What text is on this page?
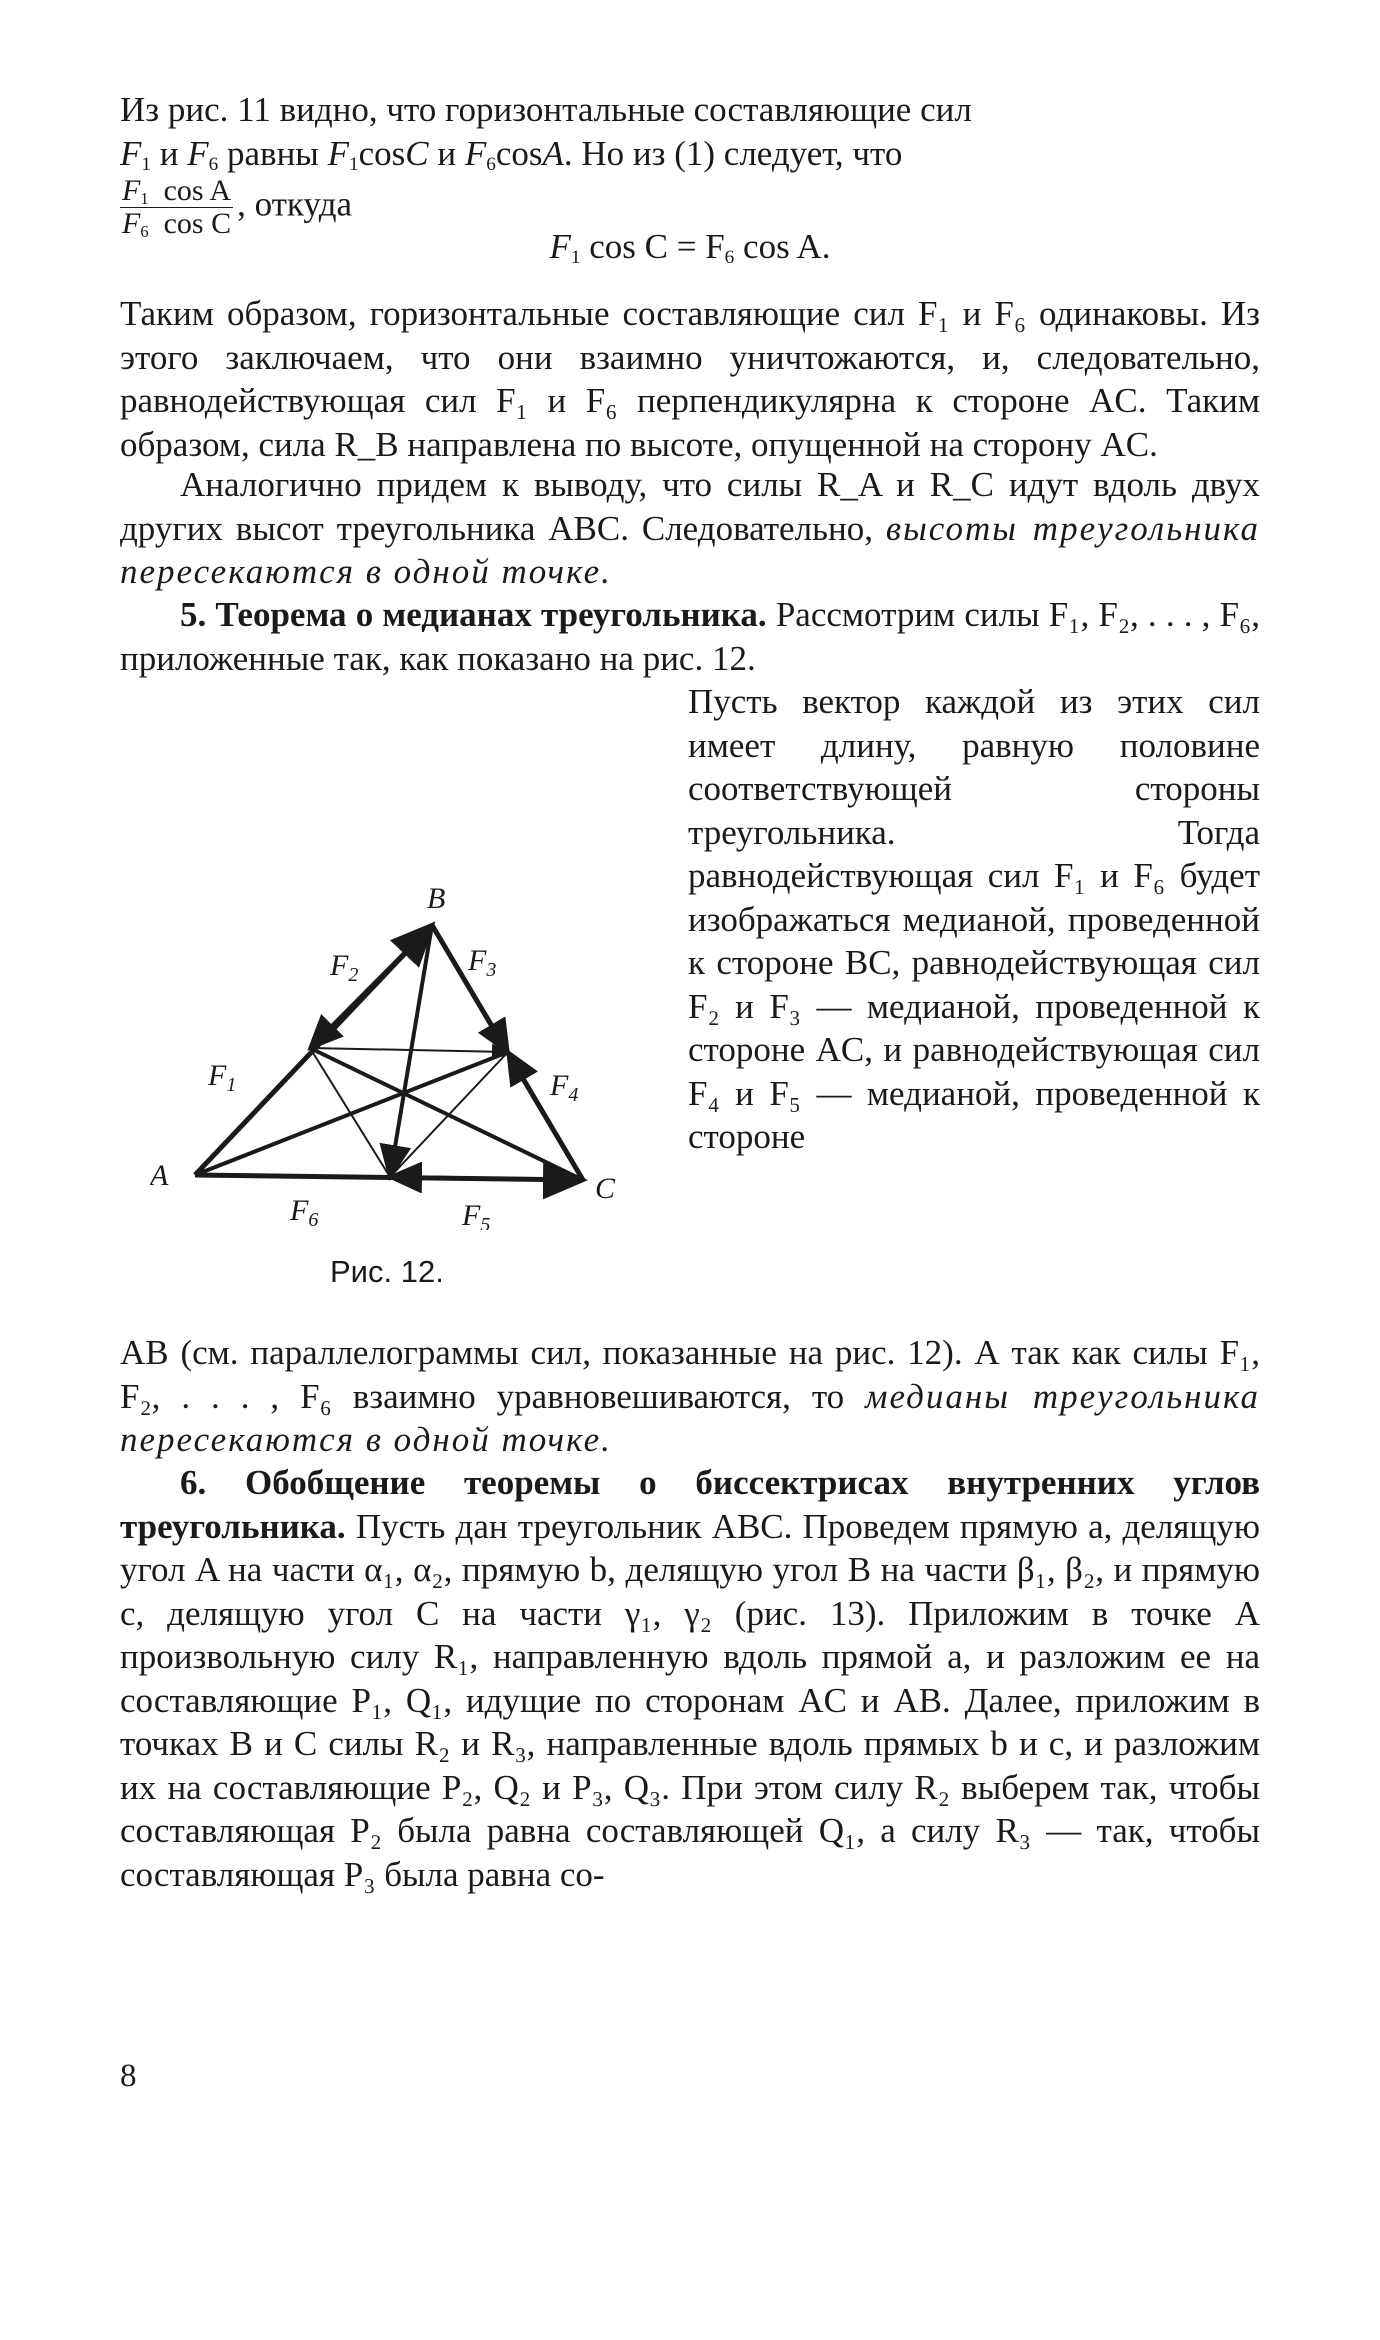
Из рис. 11 видно, что горизонтальные составляющие сил
$F_1$ и $F_6$ равны $F_1\cos C$ и $F_6\cos A$. Но из (1) следует, что

$\frac{F_1 \cos A}{F_6 \cos C}$ , откуда

$F_1$ $\cos C = F_6$ cos A.

Таким образом, горизонтальные составляющие сил F₁ и F₆ одинаковы. Из этого заключаем, что они взаимно уничтожаются, и, следовательно, равнодействующая сил F₁ и F₆ перпендикулярна к стороне AC. Таким образом, сила R_B направлена по высоте, опущенной на сторону AC.

Аналогично придем к выводу, что силы R_A и R_C идут вдоль двух других высот треугольника ABC. Следовательно, высоты треугольника пересекаются в одной точке.

5. Теорема о медианах треугольника. Рассмотрим силы F₁, F₂, . . . , F₆, приложенные так, как показано на рис. 12.

Пусть вектор каждой из этих сил имеет длину, равную половине соответствующей стороны треугольника. Тогда равнодействующая сил F₁ и F₆ будет изображаться медианой, проведенной к стороне BC, равнодействующая сил F₂ и F₃ — медианой, проведенной к стороне AC, и равнодействующая сил F₄ и F₅ — медианой, проведенной к стороне

A
B
C
$F_1$
$F_2$	$F_3$
$F_4$
$F_5$
$F_6$
Рис. 12.

AB (см. параллелограммы сил, показанные на рис. 12). А так как силы F₁, F₂, . . . , F₆ взаимно уравновешиваются, то медианы треугольника пересекаются в одной точке.

6. Обобщение теоремы о биссектрисах внутренних углов треугольника. Пусть дан треугольник ABC. Проведем прямую a, делящую угол A на части α₁, α₂, прямую b, делящую угол B на части β₁, β₂, и прямую c, делящую угол C на части γ₁, γ₂ (рис. 13). Приложим в точке A произвольную силу R₁, направленную вдоль прямой a, и разложим ее на составляющие P₁, Q₁, идущие по сторонам AC и AB. Далее, приложим в точках B и C силы R₂ и R₃, направленные вдоль прямых b и c, и разложим их на составляющие P₂, Q₂ и P₃, Q₃. При этом силу R₂ выберем так, чтобы составляющая P₂ была равна составляющей Q₁, а силу R₃ — так, чтобы составляющая P₃ была равна со-

8
